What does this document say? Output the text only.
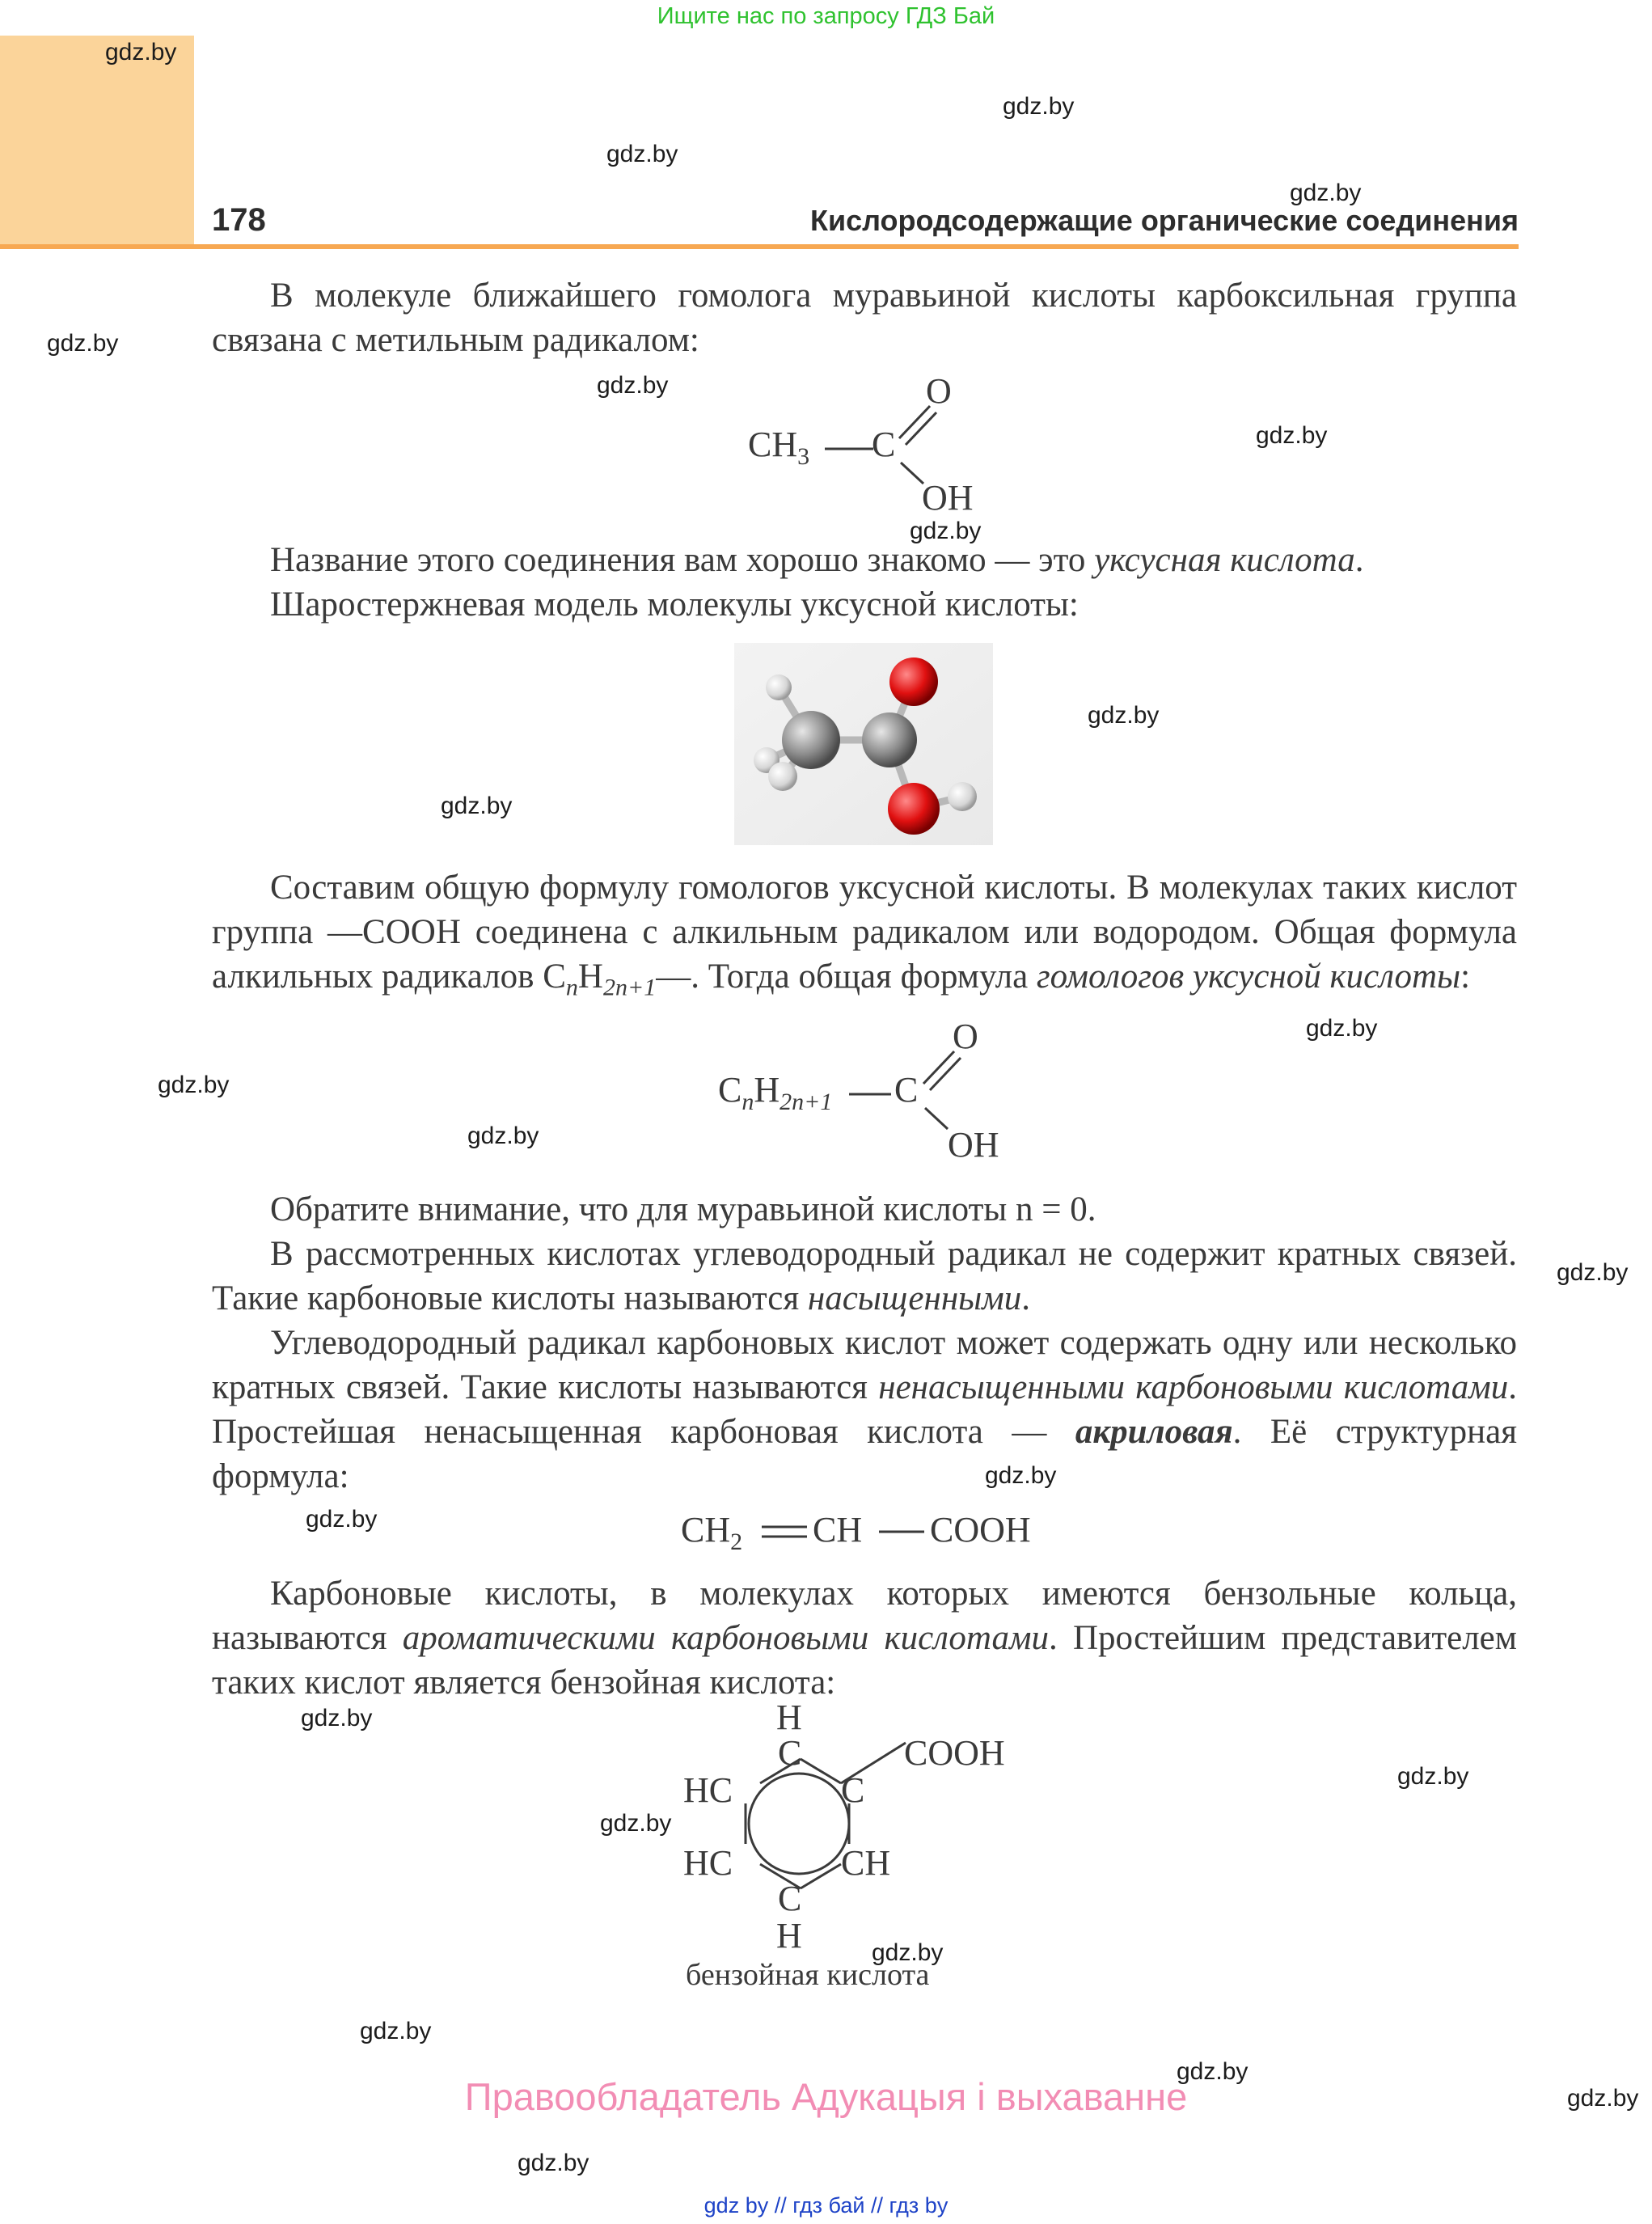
Ищите нас по запросу ГДЗ Бай
178	Кислородсодержащие органические соединения
gdz.by
gdz.by
gdz.by
gdz.by
gdz.by
gdz.by
gdz.by
gdz.by
gdz.by
gdz.by
gdz.by
gdz.by
gdz.by
gdz.by
gdz.by
gdz.by
gdz.by
gdz.by
gdz.by
gdz.by
gdz.by
gdz.by
gdz.by
gdz.by
В молекуле ближайшего гомолога муравьиной кислоты карбоксильная группа связана с метильным радикалом:
$CH_3$ C
O
OH
Название этого соединения вам хорошо знакомо — это уксусная кислота.
Шаростержневая модель молекулы уксусной кислоты:
Составим общую формулу гомологов уксусной кислоты. В молекулах таких кислот группа —COOH соединена с алкильным радикалом или водородом. Общая формула алкильных радикалов $C_nH_{2n+1}—$. Тогда общая формула гомологов уксусной кислоты:
$C_nH_{2n+1}$ C
O
OH
Обратите внимание, что для муравьиной кислоты n = 0.
В рассмотренных кислотах углеводородный радикал не содержит кратных связей. Такие карбоновые кислоты называются насыщенными.
Углеводородный радикал карбоновых кислот может содержать одну или несколько кратных связей. Такие кислоты называются ненасыщенными карбоновыми кислотами. Простейшая ненасыщенная карбоновая кислота — акриловая. Её структурная формула:
$CH_2$ CH COOH
Карбоновые кислоты, в молекулах которых имеются бензольные кольца, называются ароматическими карбоновыми кислотами. Простейшим представителем таких кислот является бензойная кислота:
H
C	COOH
HC	C
HC	CH
C
H
бензойная кислота
Правообладатель Адукацыя і выхаванне
gdz by // гдз бай // гдз by
